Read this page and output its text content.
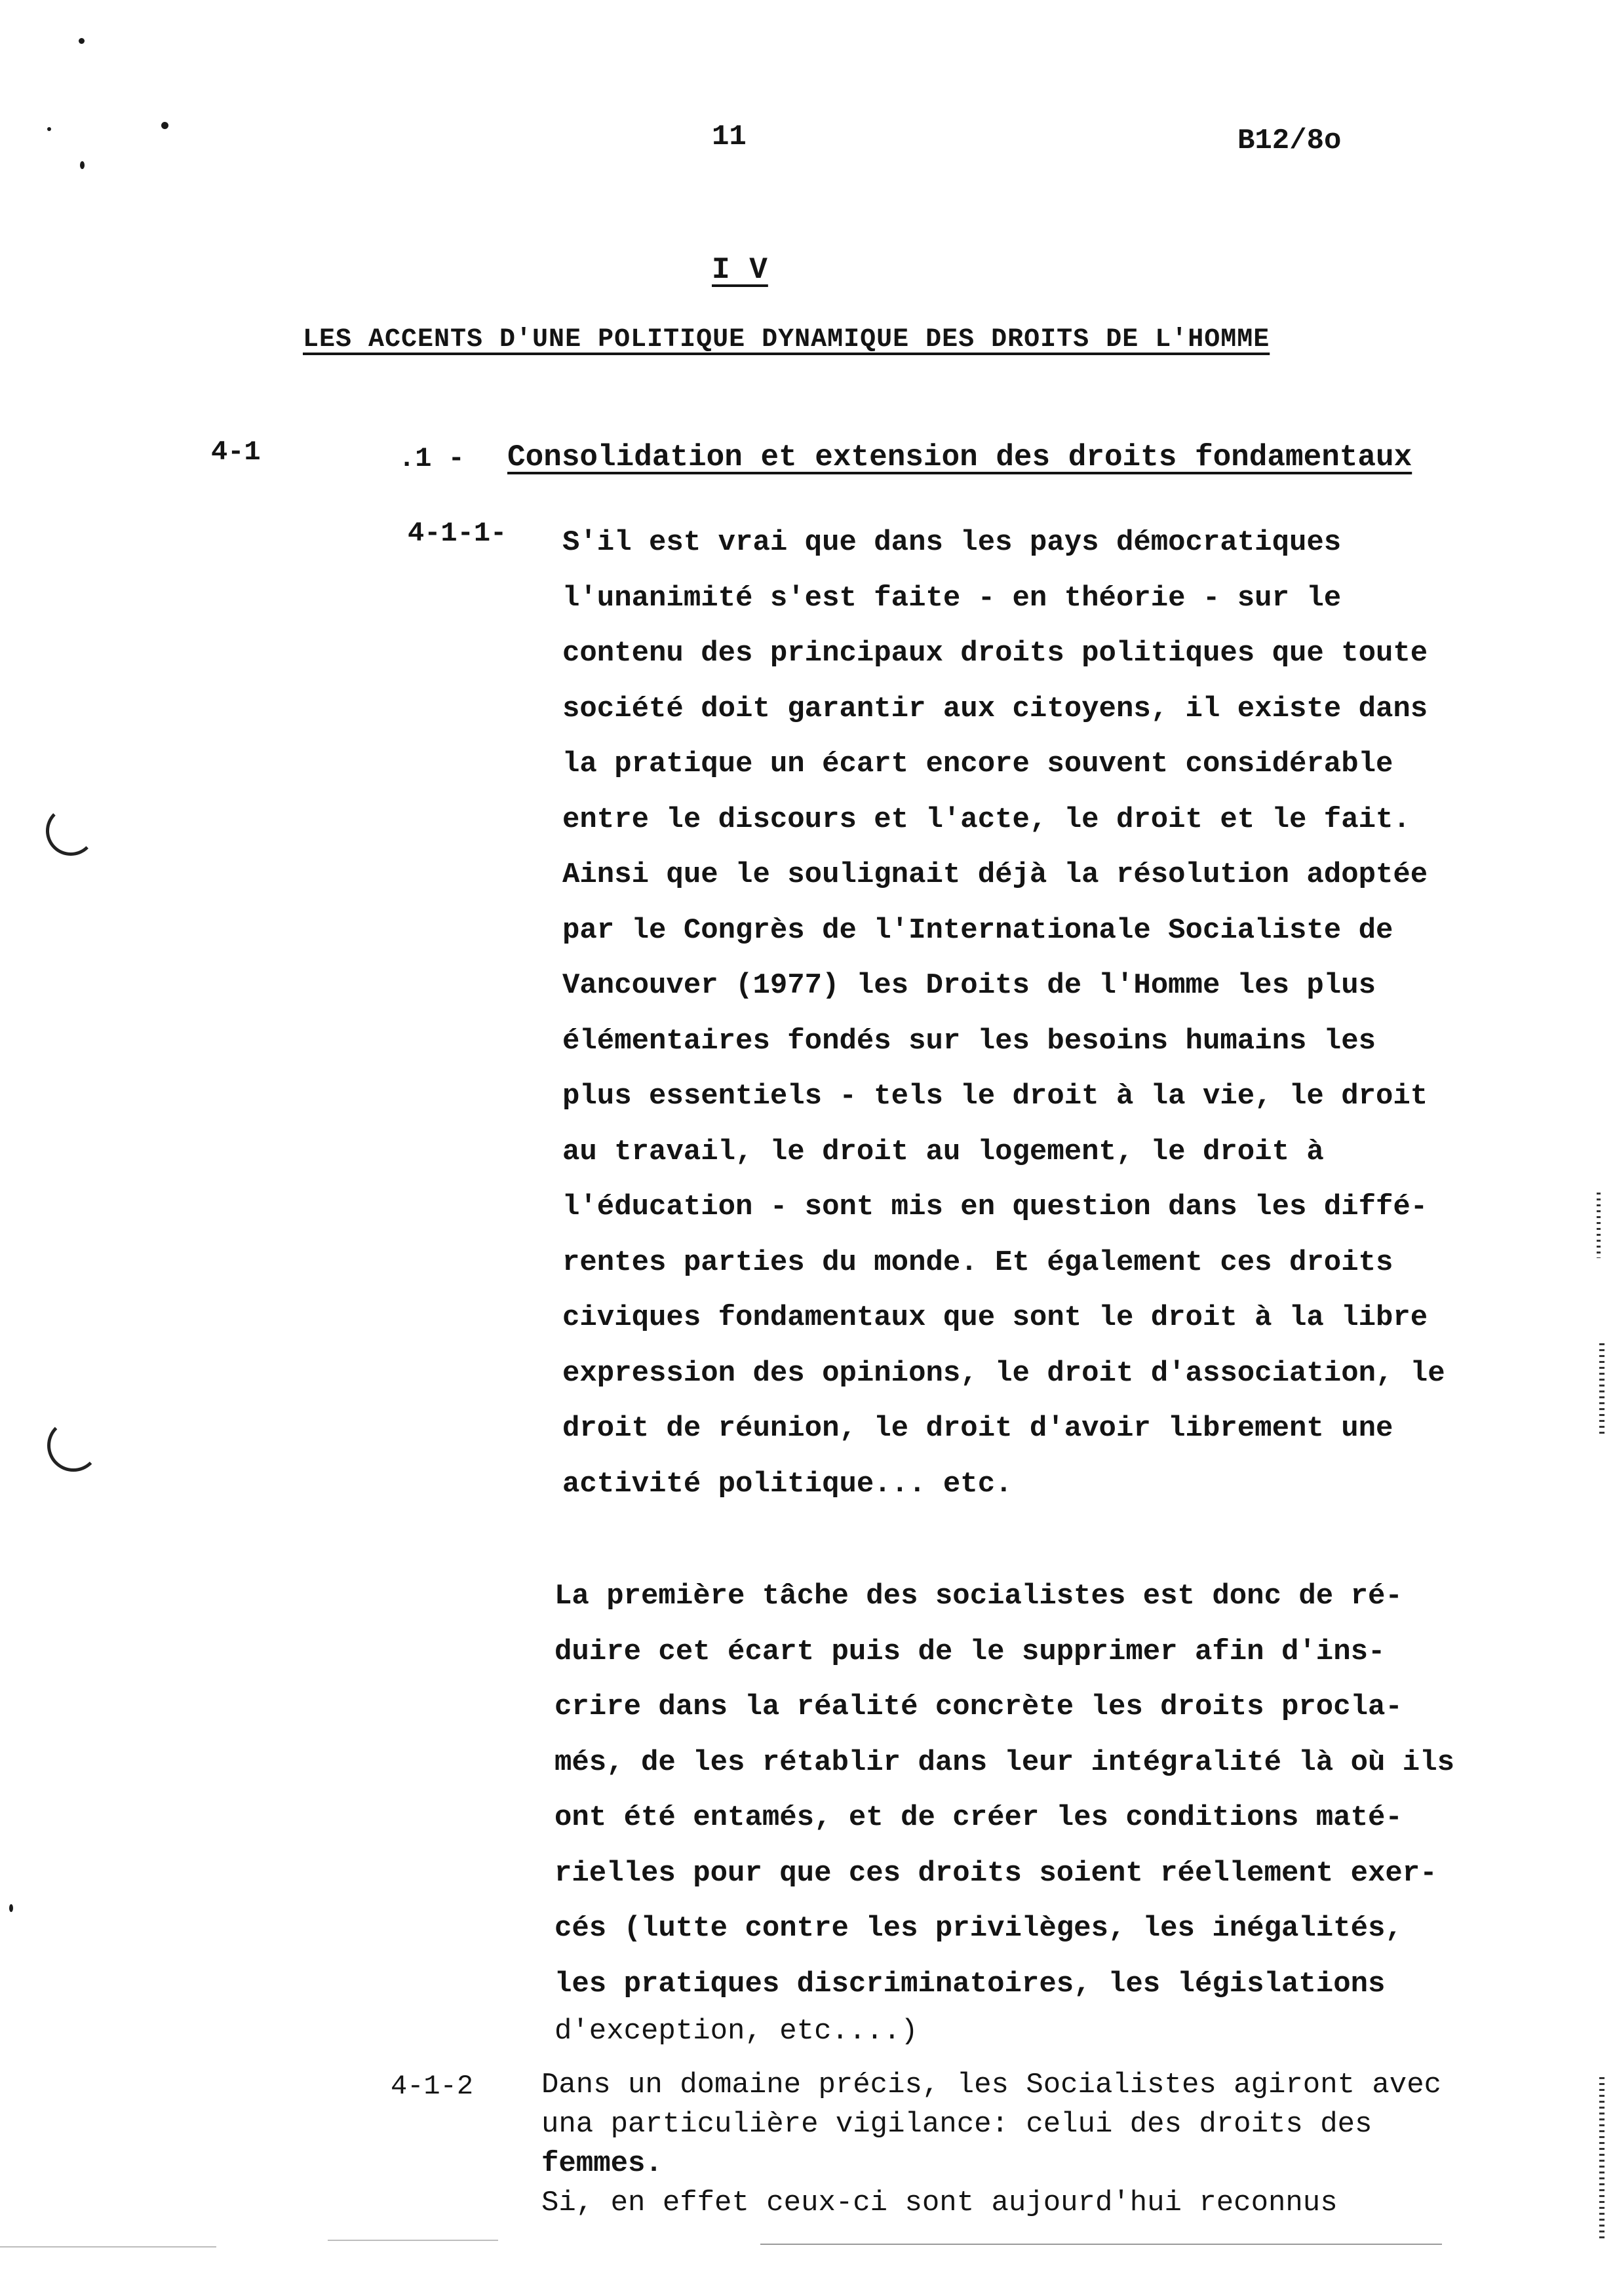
11	B12/8o
I V
LES ACCENTS D'UNE POLITIQUE DYNAMIQUE DES DROITS DE L'HOMME
4-1	.1 - Consolidation et extension des droits fondamentaux
4-1-1- S'il est vrai que dans les pays démocratiques
l'unanimité s'est faite - en théorie - sur le
contenu des principaux droits politiques que toute
société doit garantir aux citoyens, il existe dans
la pratique un écart encore souvent considérable
entre le discours et l'acte, le droit et le fait.
Ainsi que le soulignait déjà la résolution adoptée
par le Congrès de l'Internationale Socialiste de
Vancouver (1977) les Droits de l'Homme les plus
élémentaires fondés sur les besoins humains les
plus essentiels - tels le droit à la vie, le droit
au travail, le droit au logement, le droit à
l'éducation - sont mis en question dans les diffé-
rentes parties du monde. Et également ces droits
civiques fondamentaux que sont le droit à la libre
expression des opinions, le droit d'association, le
droit de réunion, le droit d'avoir librement une
activité politique... etc.
La première tâche des socialistes est donc de ré-
duire cet écart puis de le supprimer afin d'ins-
crire dans la réalité concrète les droits procla-
més, de les rétablir dans leur intégralité là où ils
ont été entamés, et de créer les conditions maté-
rielles pour que ces droits soient réellement exer-
cés (lutte contre les privilèges, les inégalités,
les pratiques discriminatoires, les législations
d'exception, etc....)
4-1-2 Dans un domaine précis, les Socialistes agiront avec
una particulière vigilance: celui des droits des
femmes.
Si, en effet ceux-ci sont aujourd'hui reconnus
